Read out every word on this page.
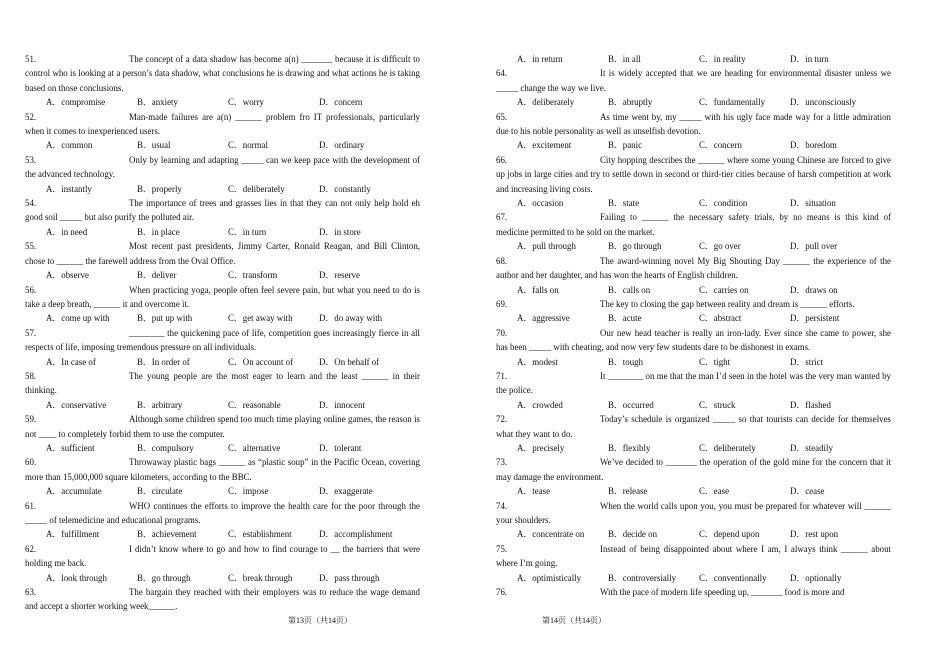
51.	The concept of a data shadow has become a(n) _______ because it is difficult to control who is looking at a person’s data shadow, what conclusions he is drawing and what actions he is taking based on those conclusions.
A．compromise	B．anxiety	C．worry	D．concern
52.	Man-made failures are a(n) ______ problem fro IT professionals, particularly when it comes to inexperienced users.
A．common	B．usual	C．normal	D．ordinary
53.	Only by learning and adapting _____ can we keep pace with the development of the advanced technology.
A．instantly	B．properly	C．deliberately	D．constantly
54.	The importance of trees and grasses lies in that they can not only help hold eh good soil _____ but also purify the polluted air.
A．in need	B．in place	C．in turn	D．in store
55.	Most recent past presidents, Jimmy Carter, Ronald Reagan, and Bill Clinton, chose to ______ the farewell address from the Oval Office.
A．observe	B．deliver	C．transform	D．reserve
56.	When practicing yoga, people often feel severe pain, but what you need to do is take a deep breath, ______ it and overcome it.
A．come up with	B．put up with	C．get away with	D．do away with
57.	________ the quickening pace of life, competition goes increasingly fierce in all respects of life, imposing tremendous pressure on all individuals.
A．In case of	B．In order of	C．On account of	D．On behalf of
58.	The young people are the most eager to learn and the least ______ in their thinking.
A．conservative	B．arbitrary	C．reasonable	D．innocent
59.	Although some children spend too much time playing online games, the reason is not ____ to completely forbid them to use the computer.
A．sufficient	B．compulsory	C．alternative	D．tolerant
60.	Throwaway plastic bags ______ as “plastic soup” in the Pacific Ocean, covering more than 15,000,000 square kilometers, according to the BBC.
A．accumulate	B．circulate	C．impose	D．exaggerate
61.	WHO continues the efforts to improve the health care for the poor through the _____ of telemedicine and educational programs.
A．fulfillment	B．achievement	C．establishment	D．accomplishment
62.	I didn’t know where to go and how to find courage to __ the barriers that were holding me back.
A．look through	B．go through	C．break through	D．pass through
63.	The bargain they reached with their employers was to reduce the wage demand and accept a shorter working week______.
第13页（共14页）
A．in return	B．in all	C．in reality	D．in turn
64.	It is widely accepted that we are heading for environmental disaster unless we _____ change the way we live.
A．deliberately	B．abruptly	C．fundamentally	D．unconsciously
65.	As time went by, my _____ with his ugly face made way for a little admiration due to his noble personality as well as unselfish devotion.
A．excitement	B．panic	C．concern	D．boredom
66.	City hopping describes the ______ where some young Chinese are forced to give up jobs in large cities and try to settle down in second or third-tier cities because of harsh competition at work and increasing living costs.
A．occasion	B．state	C．condition	D．situation
67.	Failing to ______ the necessary safety trials, by no means is this kind of medicine permitted to be sold on the market.
A．pull through	B．go through	C．go over	D．pull over
68.	The award-winning novel My Big Shouting Day ______ the experience of the author and her daughter, and has won the hearts of English children.
A．falls on	B．calls on	C．carries on	D．draws on
69.	The key to closing the gap between reality and dream is ______ efforts.
A．aggressive	B．acute	C．abstract	D．persistent
70.	Our new head teacher is really an iron-lady. Ever since she came to power, she has been _____ with cheating, and now very few students dare to be dishonest in exams.
A．modest	B．tough	C．tight	D．strict
71.	It ________ on me that the man I’d seen in the hotel was the very man wanted by the police.
A．crowded	B．occurred	C．struck	D．flashed
72.	Today’s schedule is organized _____ so that tourists can decide for themselves what they want to do.
A．precisely	B．flexibly	C．deliberately	D．steadily
73.	We’ve decided to _______ the operation of the gold mine for the concern that it may damage the environment.
A．tease	B．release	C．ease	D．cease
74.	When the world calls upon you, you must be prepared for whatever will ______ your shoulders.
A．concentrate on	B．decide on	C．depend upon	D．rest upon
75.	Instead of being disappointed about where I am, I always think ______ about where I’m going.
A．optimistically	B．controversially	C．conventionally	D．optionally
76.	With the pace of modern life speeding up, _______ food is more and
第14页（共14页）
